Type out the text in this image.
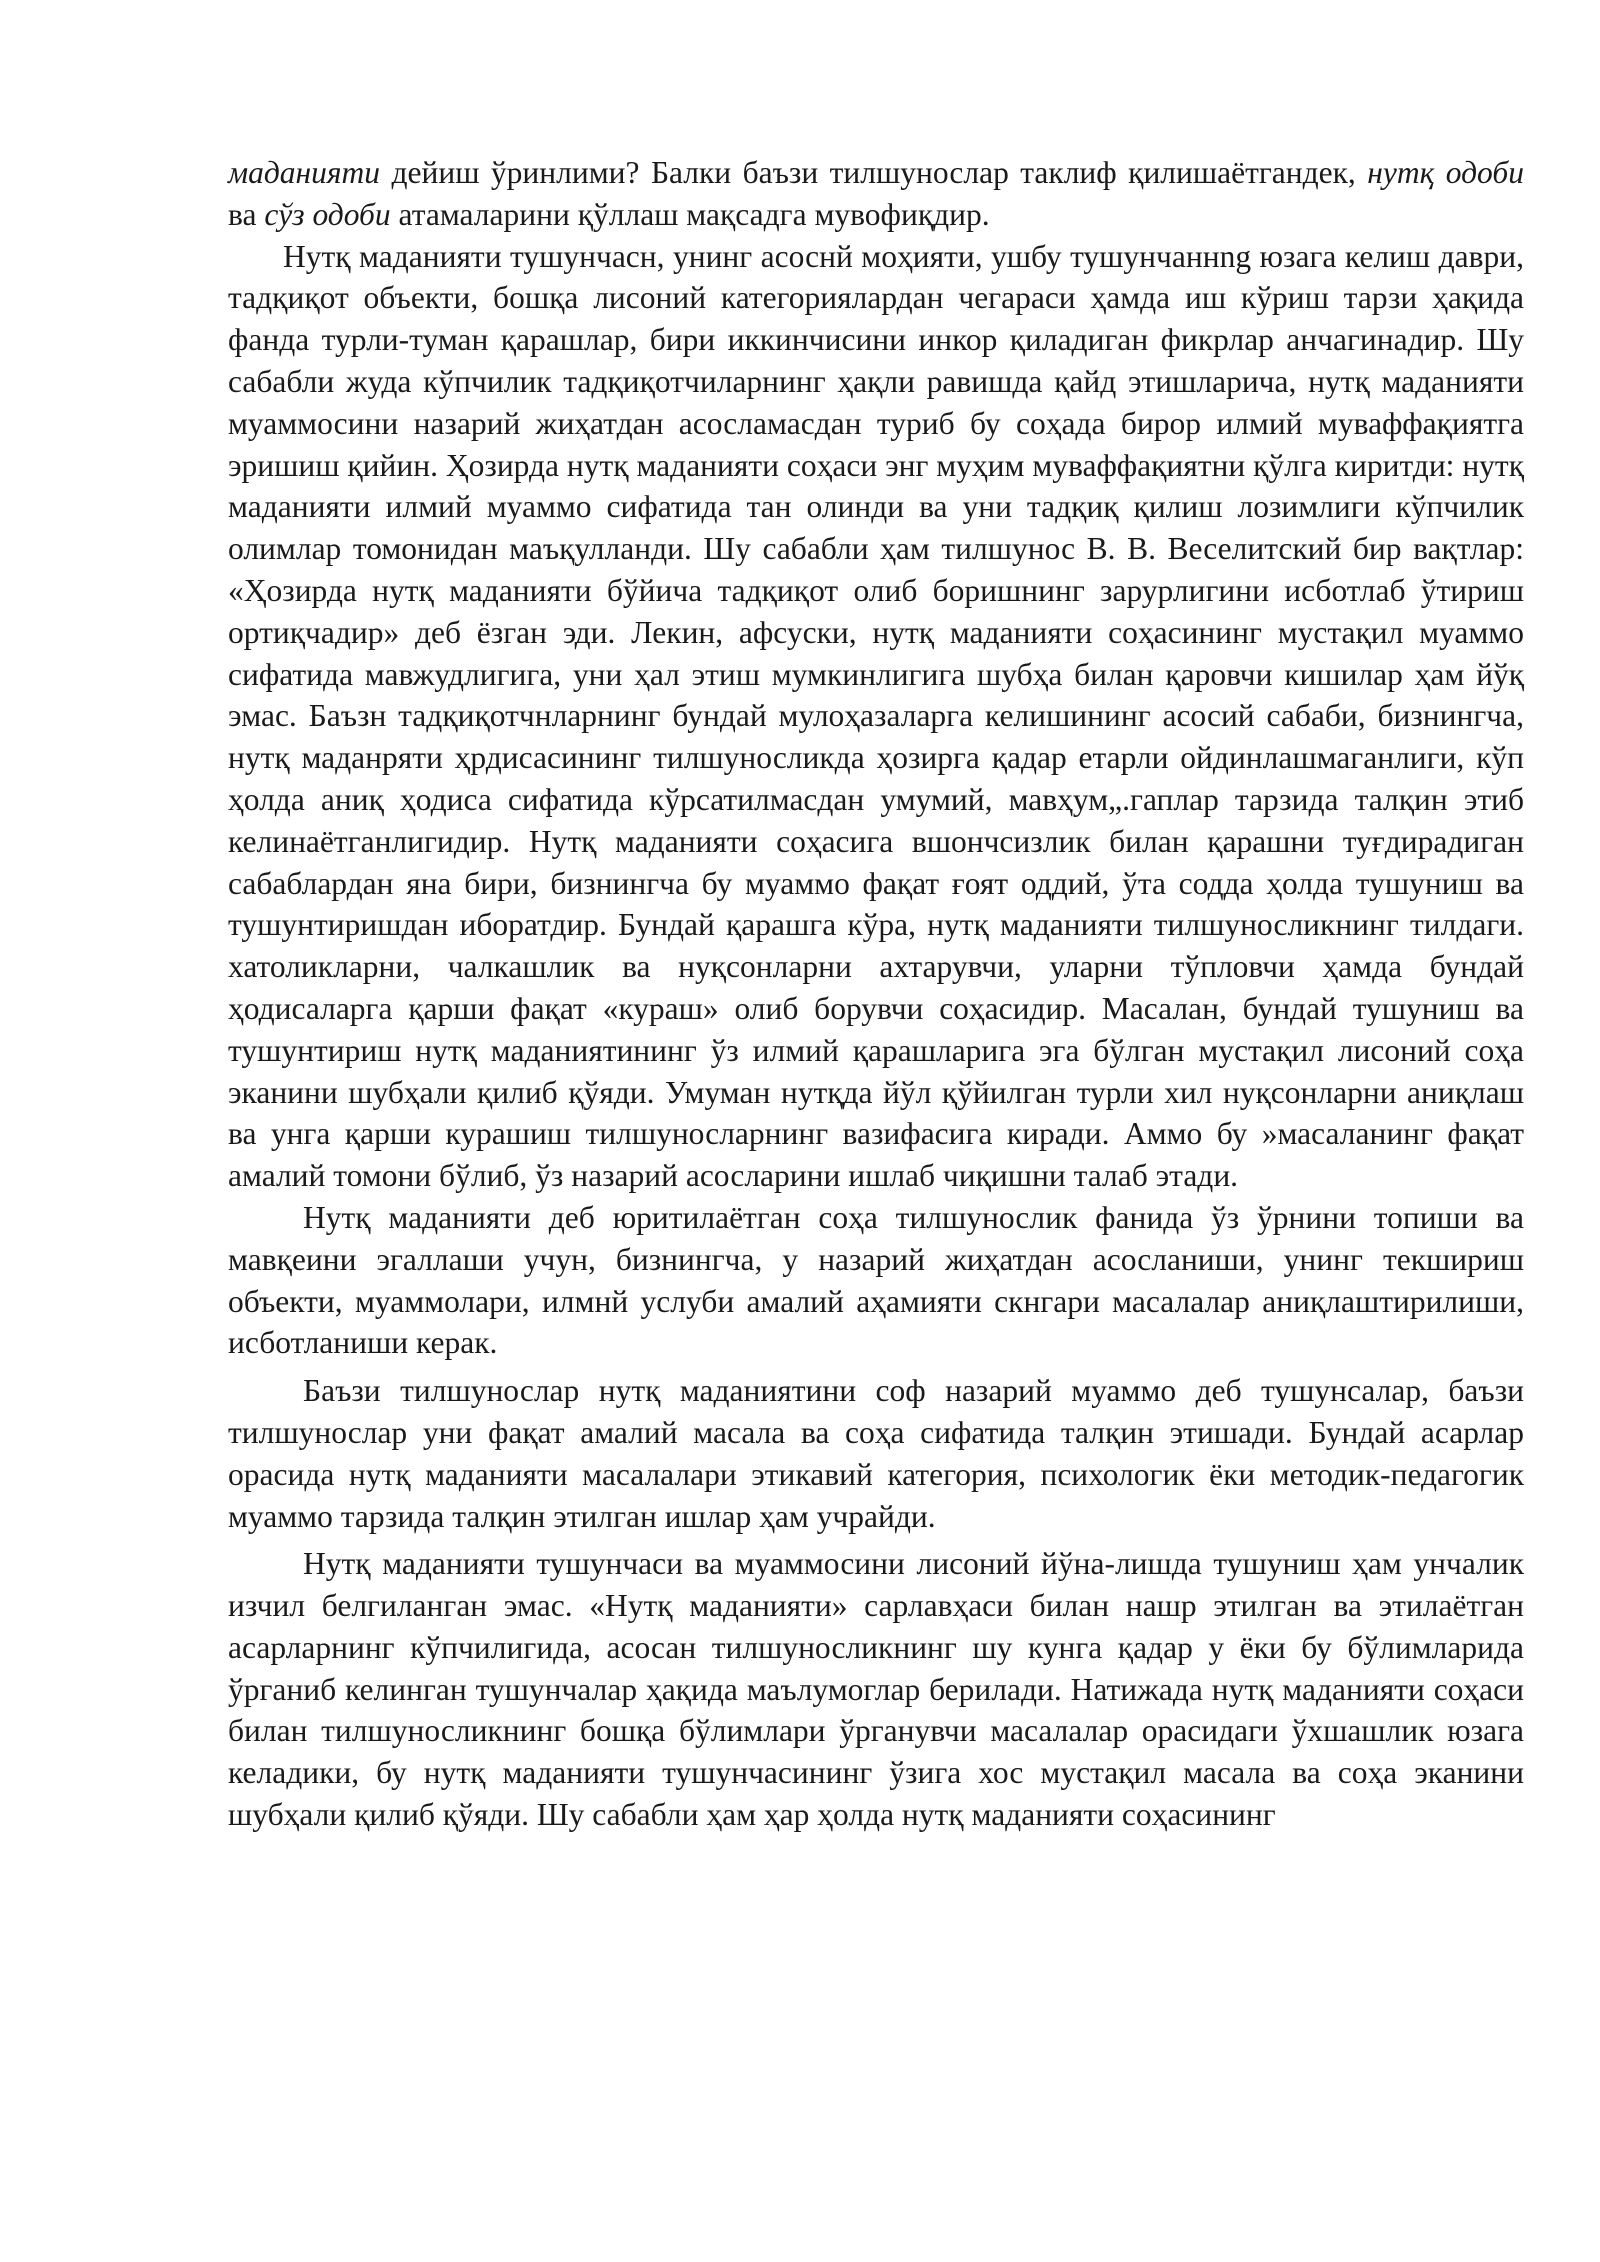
маданияти дейиш ўринлими? Балки баъзи тилшунослар таклиф қилишаётгандек, нутқ одоби ва сўз одоби атамаларини қўллаш мақсадга мувофиқдир.

Нутқ маданияти тушунчасн, унинг асоснй моҳияти, ушбу тушунчаннng юзага келиш даври, тадқиқот объекти, бошқа лисоний категориялардан чегараси ҳамда иш кўриш тарзи ҳақида фанда турли-туман қарашлар, бири иккинчисини инкор қиладиган фикрлар анчагинадир. Шу сабабли жуда кўпчилик тадқиқотчиларнинг ҳақли равишда қайд этишларича, нутқ маданияти муаммосини назарий жиҳатдан асосламасдан туриб бу соҳада бирор илмий муваффақиятга эришиш қийин. Ҳозирда нутқ маданияти соҳаси энг муҳим муваффақиятни қўлга киритди: нутқ маданияти илмий муаммо сифатида тан олинди ва уни тадқиқ қилиш лозимлиги кўпчилик олимлар томонидан маъқулланди. Шу сабабли ҳам тилшунос В. В. Веселитский бир вақтлар: «Ҳозирда нутқ маданияти бўйича тадқиқот олиб боришнинг зарурлигини исботлаб ўтириш ортиқчадир» деб ёзган эди. Лекин, афсуски, нутқ маданияти соҳасининг мустақил муаммо сифатида мавжудлигига, уни ҳал этиш мумкинлигига шубҳа билан қаровчи кишилар ҳам йўқ эмас. Баъзн тадқиқотчнларнинг бундай мулоҳазаларга келишининг асосий сабаби, бизнингча, нутқ маданряти ҳрдисасининг тилшуносликда ҳозирга қадар етарли ойдинлашмаганлиги, кўп ҳолда аниқ ҳодиса сифатида кўрсатилмасдан умумий, мавҳум„.гаплар тарзида талқин этиб келинаётганлигидир. Нутқ маданияти соҳасига вшончсизлик билан қарашни туғдирадиган сабаблардан яна бири, бизнингча бу муаммо фақат ғоят оддий, ўта содда ҳолда тушуниш ва тушунтиришдан иборатдир. Бундай қарашга кўра, нутқ маданияти тилшуносликнинг тилдаги. хатоликларни, чалкашлик ва нуқсонларни ахтарувчи, уларни тўпловчи ҳамда бундай ҳодисаларга қарши фақат «кураш» олиб борувчи соҳасидир. Масалан, бундай тушуниш ва тушунтириш нутқ маданиятининг ўз илмий қарашларига эга бўлган мустақил лисоний соҳа эканини шубҳали қилиб қўяди. Умуман нутқда йўл қўйилган турли хил нуқсонларни аниқлаш ва унга қарши курашиш тилшуносларнинг вазифасига киради. Аммо бу »масаланинг фақат амалий томони бўлиб, ўз назарий асосларини ишлаб чиқишни талаб этади.

Нутқ маданияти деб юритилаётган соҳа тилшунослик фанида ўз ўрнини топиши ва мавқеини эгаллаши учун, бизнингча, у назарий жиҳатдан асосланиши, унинг текшириш объекти, муаммолари, илмнй услуби амалий аҳамияти скнгари масалалар аниқлаштирилиши, исботланиши керак.

Баъзи тилшунослар нутқ маданиятини соф назарий муаммо деб тушунсалар, баъзи тилшунослар уни фақат амалий масала ва соҳа сифатида талқин этишади. Бундай асарлар орасида нутқ маданияти масалалари этикавий категория, психологик ёки методик-педагогик муаммо тарзида талқин этилган ишлар ҳам учрайди.

Нутқ маданияти тушунчаси ва муаммосини лисоний йўна-лишда тушуниш ҳам унчалик изчил белгиланган эмас. «Нутқ маданияти» сарлавҳаси билан нашр этилган ва этилаётган асарларнинг кўпчилигида, асосан тилшуносликнинг шу кунга қадар у ёки бу бўлимларида ўрганиб келинган тушунчалар ҳақида маълумоглар берилади. Натижада нутқ маданияти соҳаси билан тилшуносликнинг бошқа бўлимлари ўрганувчи масалалар орасидаги ўхшашлик юзага келадики, бу нутқ маданияти тушунчасининг ўзига хос мустақил масала ва соҳа эканини шубҳали қилиб қўяди. Шу сабабли ҳам ҳар ҳолда нутқ маданияти соҳасининг
